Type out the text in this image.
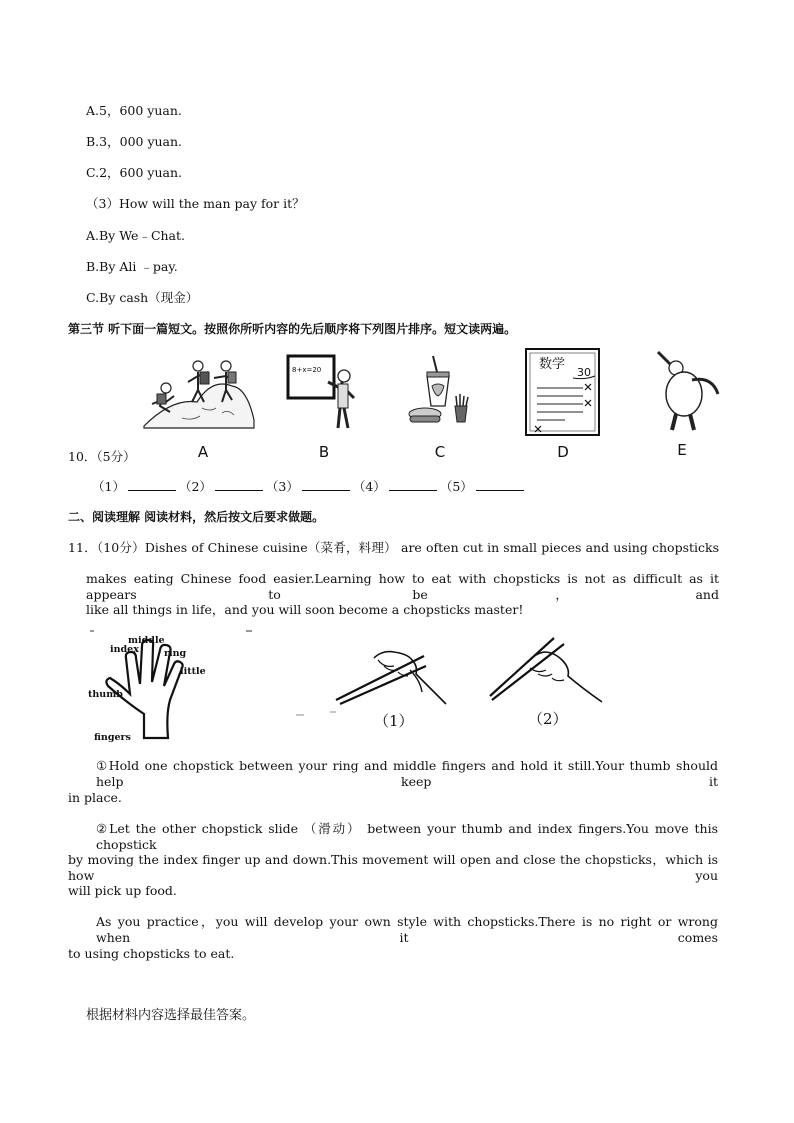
A.5，600 yuan.
B.3，000 yuan.
C.2，600 yuan.
（3）How will the man pay for it？
A.By We﹣Chat.
B.By Ali ﹣pay.
C.By cash（现金）
第三节 听下面一篇短文。按照你所听内容的先后顺序将下列图片排序。短文读两遍。
8+x=20	数学
30
A	B	C	D	E
10．（5分）
（1）	（2）	（3）	（4）	（5）
二、阅读理解 阅读材料，然后按文后要求做题。
11．（10分）Dishes of Chinese cuisine（菜肴，料理） are often cut in small pieces and using chopsticks
makes eating Chinese food easier.Learning how to eat with chopsticks is not as difficult as it appears to be，and
like all things in life，and you will soon become a chopsticks master!
index
middle
ring
little
thumb
fingers
（1）	（2）
①Hold one chopstick between your ring and middle fingers and hold it still.Your thumb should help keep it
in place.
②Let the other chopstick slide （滑动） between your thumb and index fingers.You move this chopstick
by moving the index finger up and down.This movement will open and close the chopsticks，which is how you
will pick up food.
As you practice，you will develop your own style with chopsticks.There is no right or wrong when it comes
to using chopsticks to eat.
根据材料内容选择最佳答案。
